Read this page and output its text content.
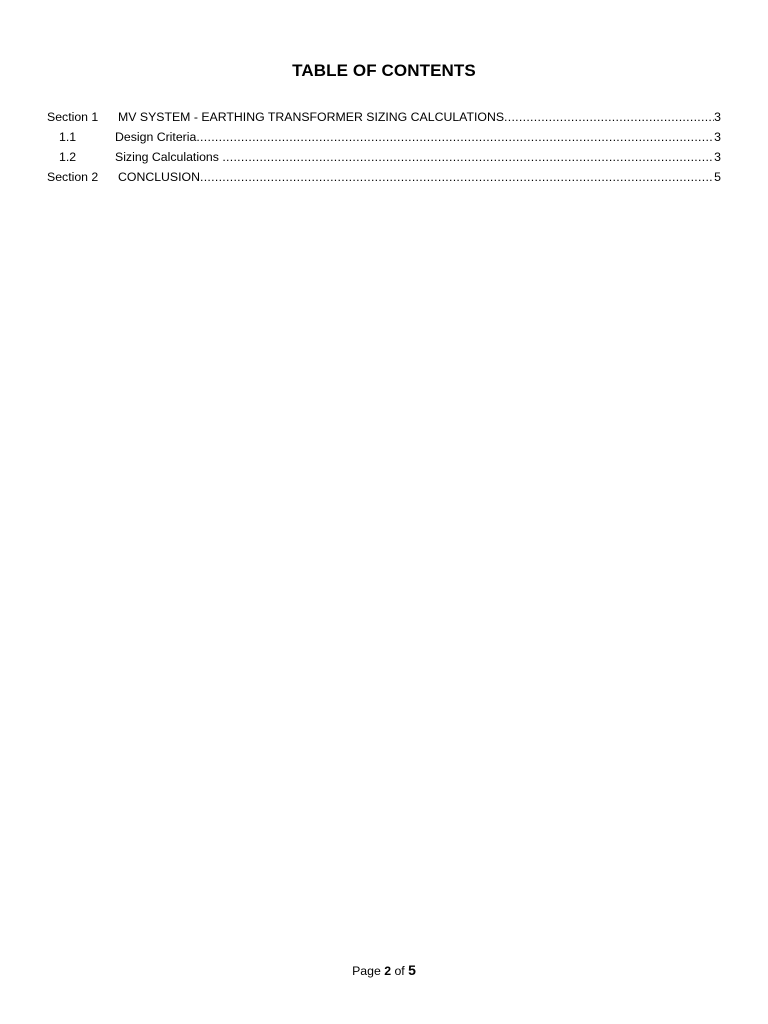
TABLE OF CONTENTS
Section 1	MV SYSTEM - EARTHING TRANSFORMER SIZING CALCULATIONS .....	3
1.1	Design Criteria .....	3
1.2	Sizing Calculations .....	3
Section 2	CONCLUSION .....	5
Page 2 of 5
